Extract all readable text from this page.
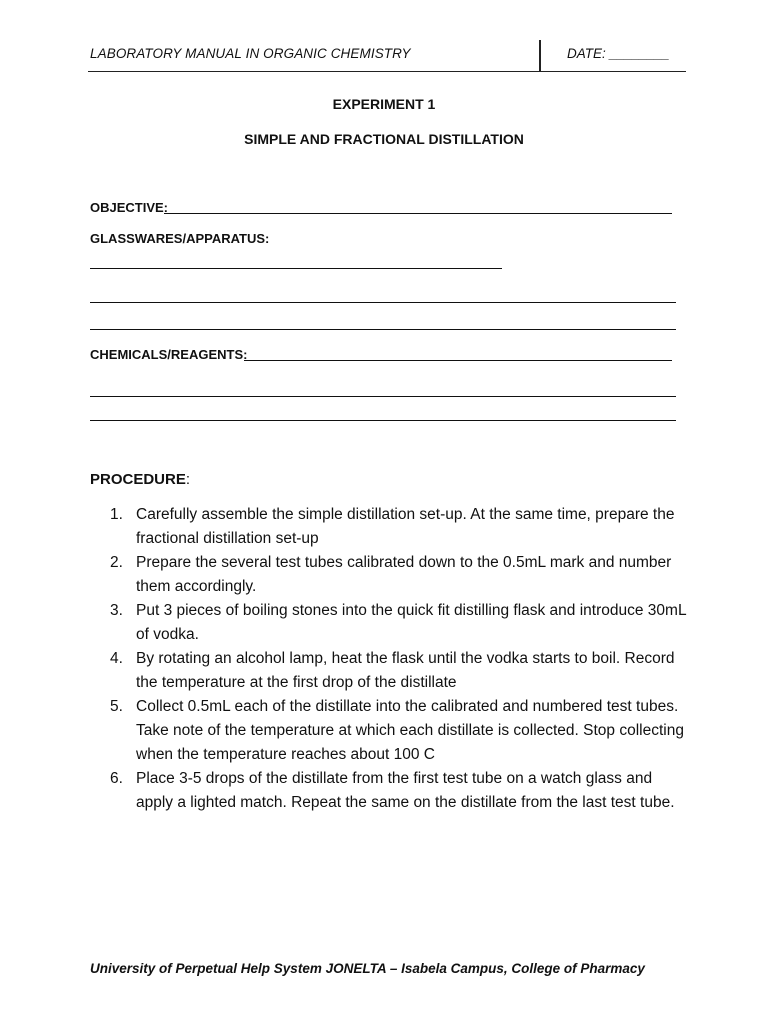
LABORATORY MANUAL IN ORGANIC CHEMISTRY	DATE: ________
EXPERIMENT 1
SIMPLE AND FRACTIONAL DISTILLATION
OBJECTIVE:
GLASSWARES/APPARATUS:
CHEMICALS/REAGENTS:
PROCEDURE:
1. Carefully assemble the simple distillation set-up. At the same time, prepare the fractional distillation set-up
2. Prepare the several test tubes calibrated down to the 0.5mL mark and number them accordingly.
3. Put 3 pieces of boiling stones into the quick fit distilling flask and introduce 30mL of vodka.
4. By rotating an alcohol lamp, heat the flask until the vodka starts to boil. Record the temperature at the first drop of the distillate
5. Collect 0.5mL each of the distillate into the calibrated and numbered test tubes. Take note of the temperature at which each distillate is collected. Stop collecting when the temperature reaches about 100 C
6. Place 3-5 drops of the distillate from the first test tube on a watch glass and apply a lighted match. Repeat the same on the distillate from the last test tube.
University of Perpetual Help System JONELTA – Isabela Campus, College of Pharmacy
